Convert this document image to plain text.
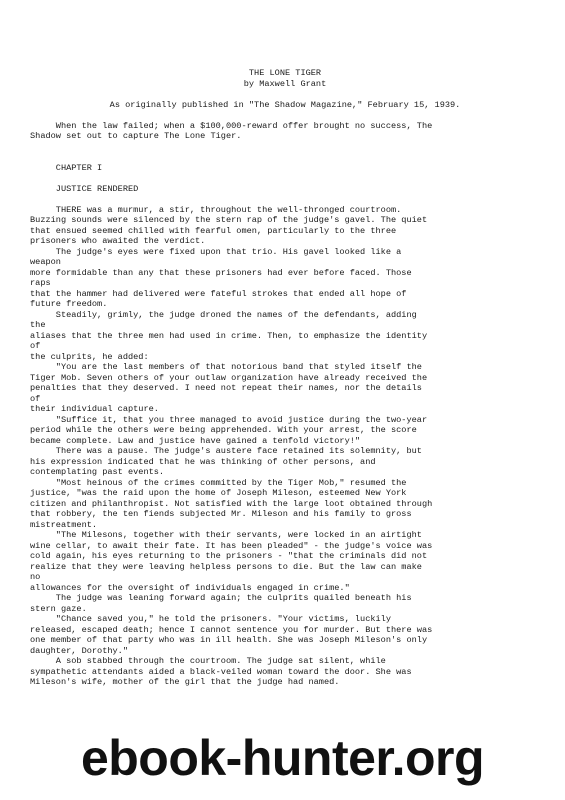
THE LONE TIGER
by Maxwell Grant
As originally published in "The Shadow Magazine," February 15, 1939.
When the law failed; when a $100,000-reward offer brought no success, The
Shadow set out to capture The Lone Tiger.
CHAPTER I
JUSTICE RENDERED
THERE was a murmur, a stir, throughout the well-thronged courtroom.
Buzzing sounds were silenced by the stern rap of the judge's gavel. The quiet
that ensued seemed chilled with fearful omen, particularly to the three
prisoners who awaited the verdict.
The judge's eyes were fixed upon that trio. His gavel looked like a
weapon
more formidable than any that these prisoners had ever before faced. Those
raps
that the hammer had delivered were fateful strokes that ended all hope of
future freedom.
Steadily, grimly, the judge droned the names of the defendants, adding
the
aliases that the three men had used in crime. Then, to emphasize the identity
of
the culprits, he added:
"You are the last members of that notorious band that styled itself the
Tiger Mob. Seven others of your outlaw organization have already received the
penalties that they deserved. I need not repeat their names, nor the details
of
their individual capture.
"Suffice it, that you three managed to avoid justice during the two-year
period while the others were being apprehended. With your arrest, the score
became complete. Law and justice have gained a tenfold victory!"
There was a pause. The judge's austere face retained its solemnity, but
his expression indicated that he was thinking of other persons, and
contemplating past events.
"Most heinous of the crimes committed by the Tiger Mob," resumed the
justice, "was the raid upon the home of Joseph Mileson, esteemed New York
citizen and philanthropist. Not satisfied with the large loot obtained through
that robbery, the ten fiends subjected Mr. Mileson and his family to gross
mistreatment.
"The Milesons, together with their servants, were locked in an airtight
wine cellar, to await their fate. It has been pleaded" - the judge's voice was
cold again, his eyes returning to the prisoners - "that the criminals did not
realize that they were leaving helpless persons to die. But the law can make
no
allowances for the oversight of individuals engaged in crime."
The judge was leaning forward again; the culprits quailed beneath his
stern gaze.
"Chance saved you," he told the prisoners. "Your victims, luckily
released, escaped death; hence I cannot sentence you for murder. But there was
one member of that party who was in ill health. She was Joseph Mileson's only
daughter, Dorothy."
A sob stabbed through the courtroom. The judge sat silent, while
sympathetic attendants aided a black-veiled woman toward the door. She was
Mileson's wife, mother of the girl that the judge had named.
ebook-hunter.org
